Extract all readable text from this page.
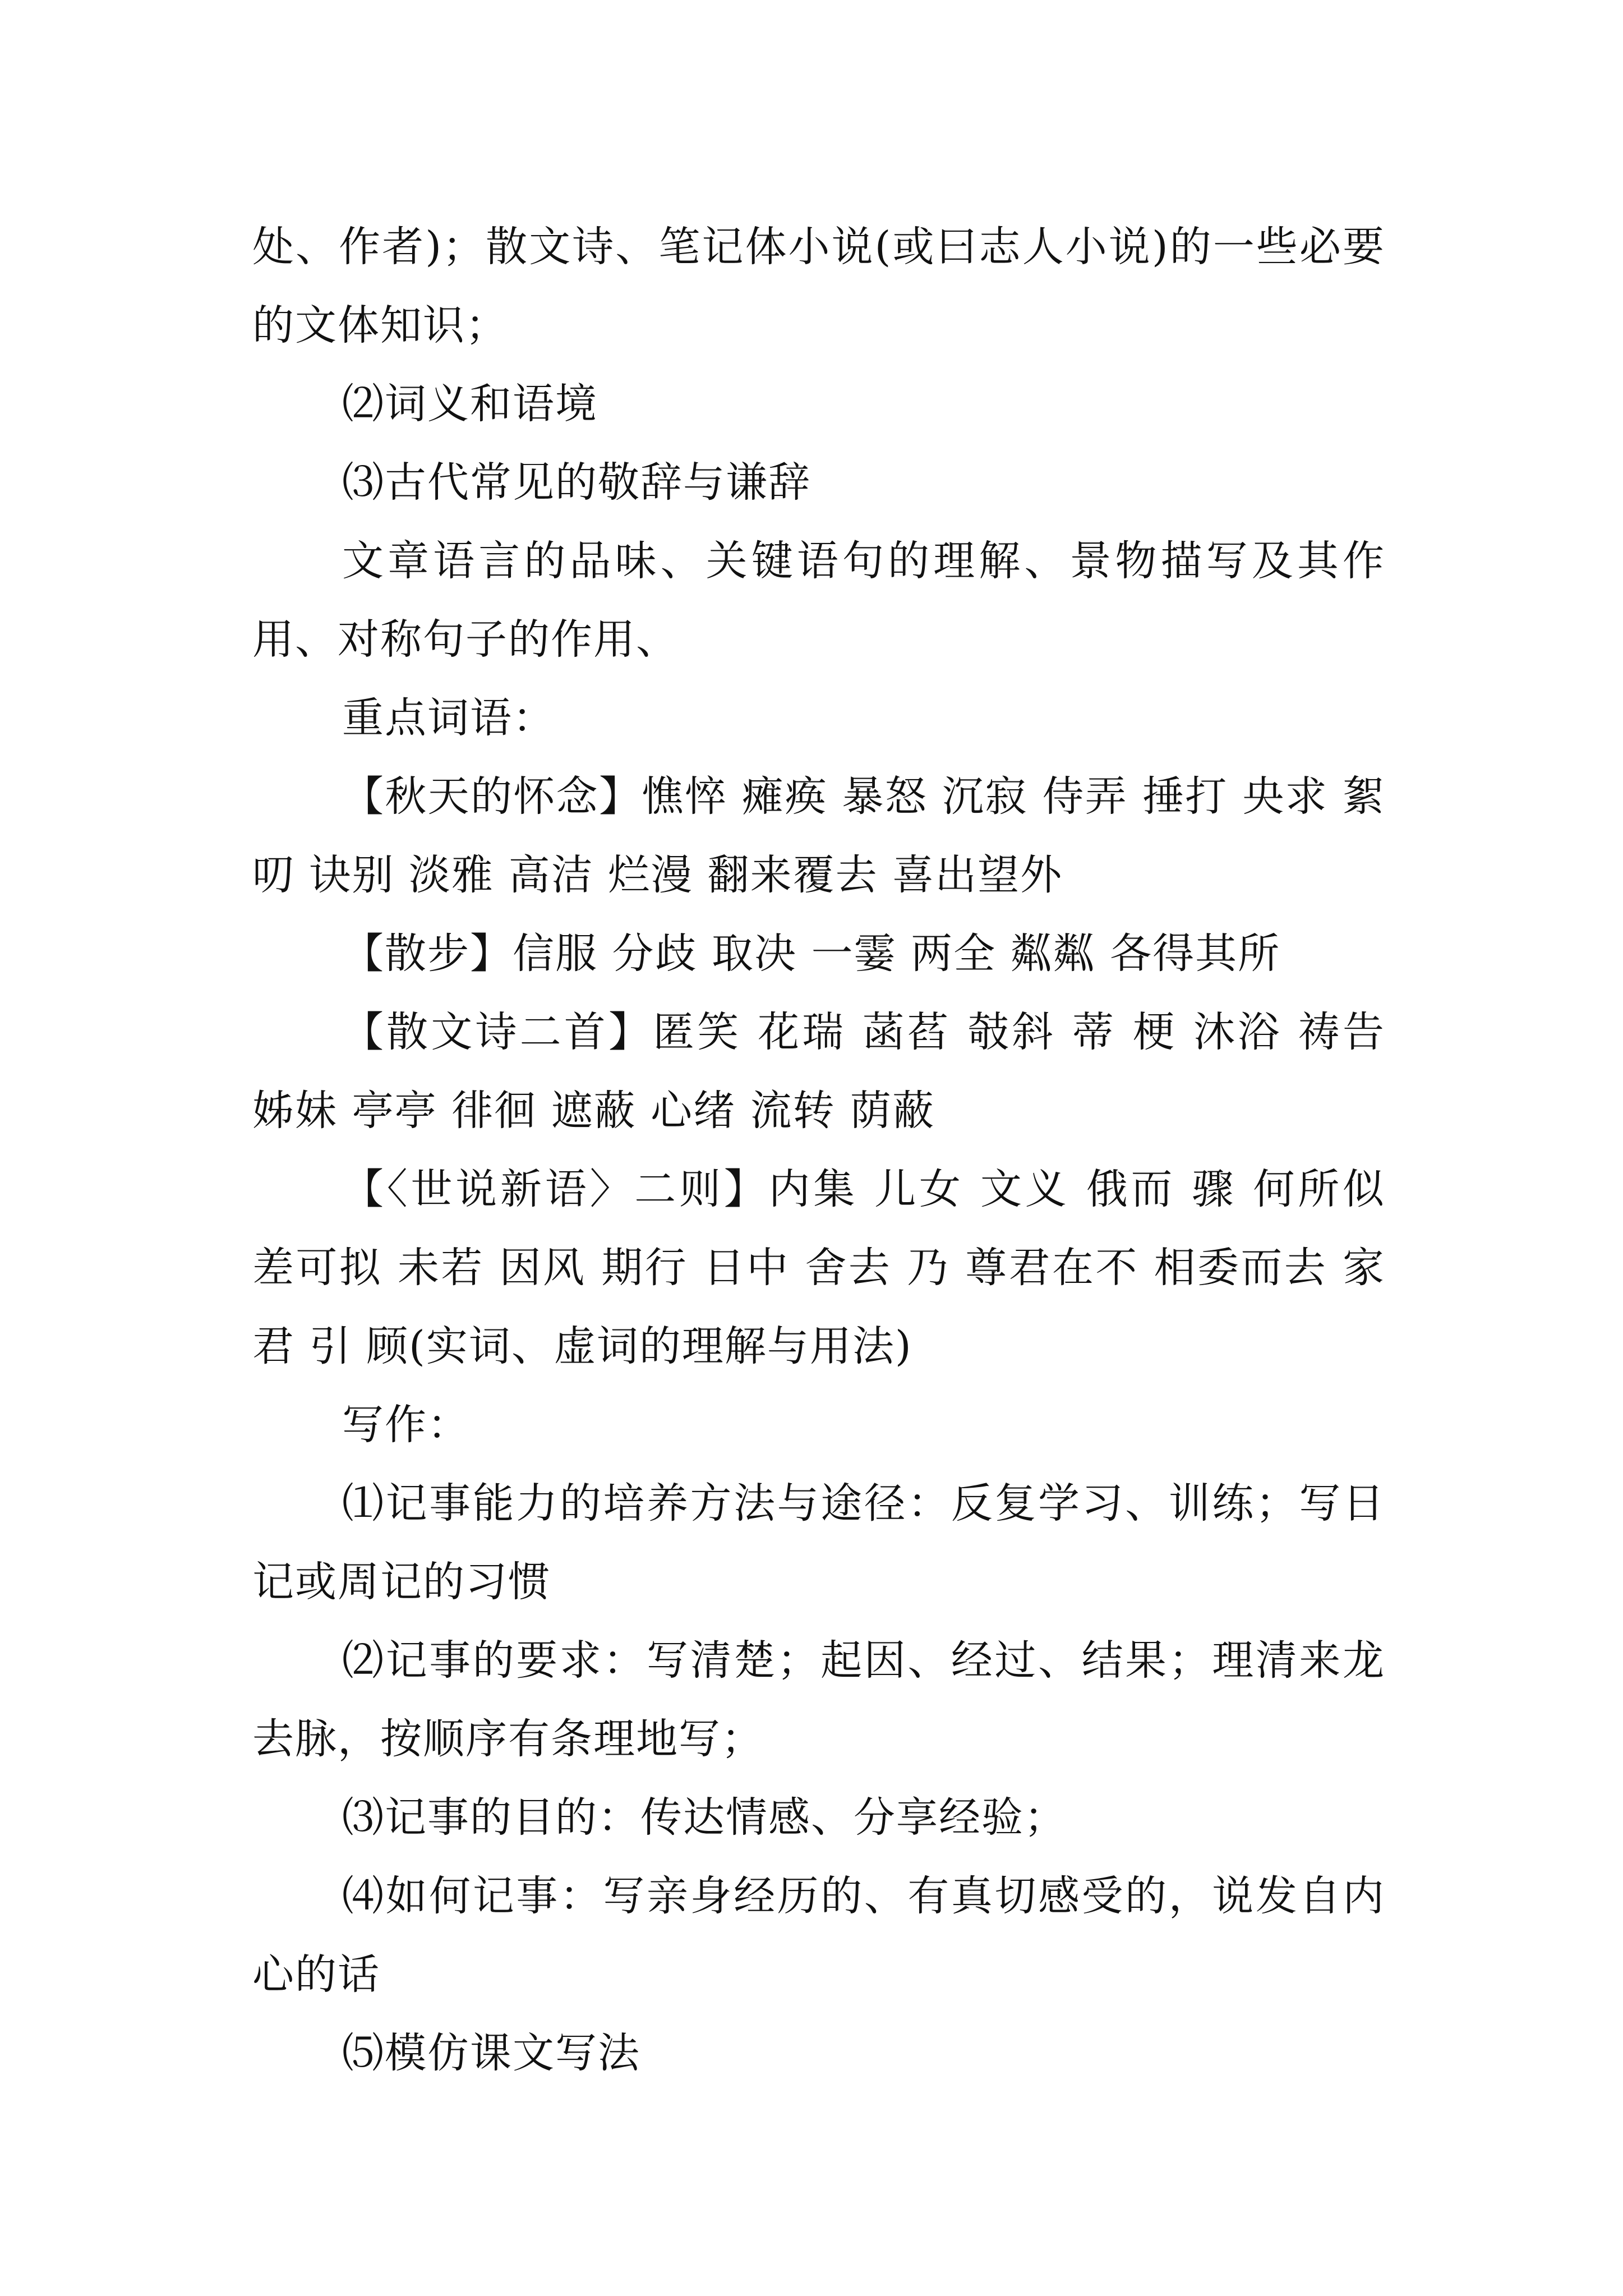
处、作者)；散文诗、笔记体小说(或曰志人小说)的一些必要的文体知识；

⑵词义和语境

⑶古代常见的敬辞与谦辞

文章语言的品味、关键语句的理解、景物描写及其作用、对称句子的作用、

重点词语：

【秋天的怀念】憔悴 瘫痪 暴怒 沉寂 侍弄 捶打 央求 絮叨 诀别 淡雅 高洁 烂漫 翻来覆去 喜出望外

【散步】信服 分歧 取决 一霎 两全 粼粼 各得其所

【散文诗二首】匿笑 花瑞 菡萏 攲斜 蒂 梗 沐浴 祷告 姊妹 亭亭 徘徊 遮蔽 心绪 流转 荫蔽

【〈世说新语〉二则】内集 儿女 文义 俄而 骤 何所似 差可拟 未若 因风 期行 日中 舍去 乃 尊君在不 相委而去 家君 引 顾(实词、虚词的理解与用法)

写作：

⑴记事能力的培养方法与途径：反复学习、训练；写日记或周记的习惯

⑵记事的要求：写清楚；起因、经过、结果；理清来龙去脉，按顺序有条理地写；

⑶记事的目的：传达情感、分享经验；

⑷如何记事：写亲身经历的、有真切感受的，说发自内心的话

⑸模仿课文写法
